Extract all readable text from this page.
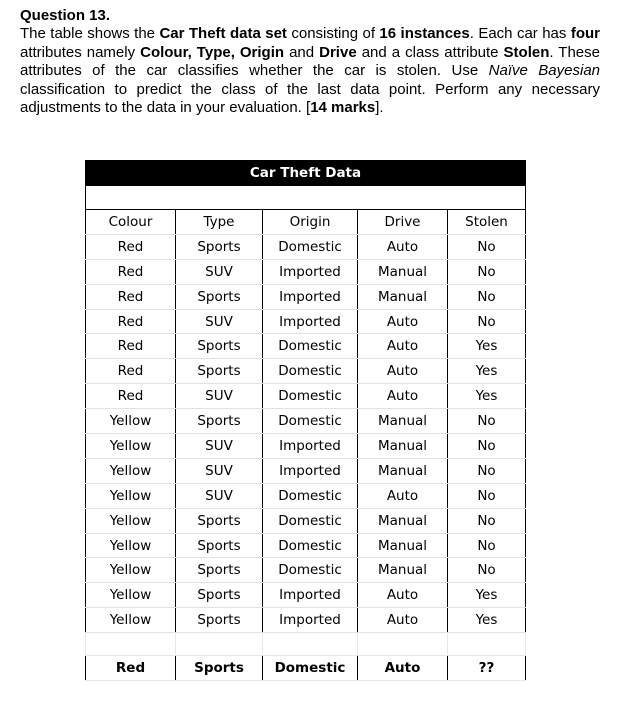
Question 13.
The table shows the Car Theft data set consisting of 16 instances. Each car has four attributes namely Colour, Type, Origin and Drive and a class attribute Stolen. These attributes of the car classifies whether the car is stolen. Use Naïve Bayesian classification to predict the class of the last data point. Perform any necessary adjustments to the data in your evaluation. [14 marks].
Car Theft Data				

Colour	Type	Origin	Drive	Stolen
Red	Sports	Domestic	Auto	No
Red	SUV	Imported	Manual	No
Red	Sports	Imported	Manual	No
Red	SUV	Imported	Auto	No
Red	Sports	Domestic	Auto	Yes
Red	Sports	Domestic	Auto	Yes
Red	SUV	Domestic	Auto	Yes
Yellow	Sports	Domestic	Manual	No
Yellow	SUV	Imported	Manual	No
Yellow	SUV	Imported	Manual	No
Yellow	SUV	Domestic	Auto	No
Yellow	Sports	Domestic	Manual	No
Yellow	Sports	Domestic	Manual	No
Yellow	Sports	Domestic	Manual	No
Yellow	Sports	Imported	Auto	Yes
Yellow	Sports	Imported	Auto	Yes

Red	Sports	Domestic	Auto	??
